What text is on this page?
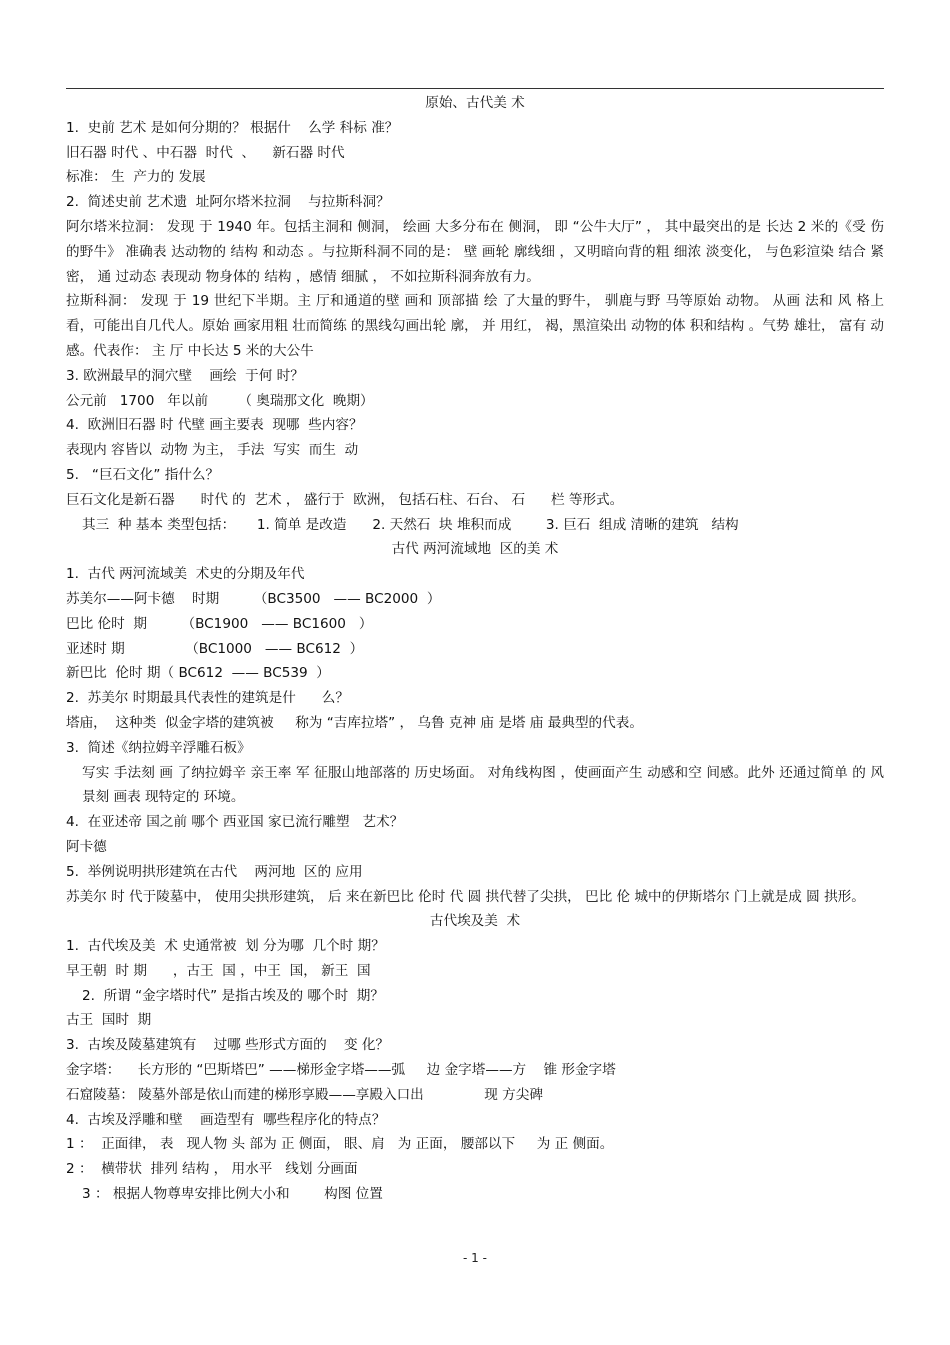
原始、古代美 术
1.  史前 艺术 是如何分期的？ 根据什    么学 科标 准？
旧石器 时代 、中石器  时代  、    新石器 时代
标准： 生  产力的 发展
2.  简述史前 艺术遗  址阿尔塔米拉洞    与拉斯科洞？
阿尔塔米拉洞： 发现 于 1940 年。包括主洞和 侧洞， 绘画 大多分布在 侧洞， 即 “公牛大厅” ， 其中最突出的是 长达 2 米的《受 伤的野牛》 准确表 达动物的 结构 和动态 。与拉斯科洞不同的是： 壁 画轮 廓线细 ，又明暗向背的粗 细浓 淡变化， 与色彩渲染 结合 紧密， 通 过动态 表现动 物身体的 结构 ，感情 细腻 ， 不如拉斯科洞奔放有力。
拉斯科洞： 发现 于 19 世纪下半期。主 厅和通道的壁 画和 顶部描 绘 了大量的野牛， 驯鹿与野 马等原始 动物。 从画 法和 风 格上看，可能出自几代人。原始 画家用粗 壮而简练 的黑线勾画出轮 廓， 并 用红， 褐，黑渲染出 动物的体 积和结构 。气势 雄壮， 富有 动感。代表作： 主 厅 中长达 5 米的大公牛
3. 欧洲最早的洞穴壁    画绘  于何 时？
公元前   1700   年以前       （ 奥瑞那文化  晚期）
4.  欧洲旧石器 时 代壁 画主要表  现哪  些内容？
表现内 容皆以  动物 为主， 手法  写实  而生  动
5.   “巨石文化” 指什么？
巨石文化是新石器      时代 的  艺术 ， 盛行于  欧洲， 包括石柱、石台、 石      栏 等形式。
其三  种 基本 类型包括：     1. 简单 是改造      2. 天然石  块 堆积而成        3. 巨石  组成 清晰的建筑   结构
古代 两河流域地  区的美 术
1.  古代 两河流域美  术史的分期及年代
苏美尔——阿卡德    时期        （BC3500   —— BC2000  ）
巴比 伦时  期        （BC1900   —— BC1600   ）
亚述时 期              （BC1000   —— BC612  ）
新巴比  伦时 期（ BC612  —— BC539  ）
2.  苏美尔 时期最具代表性的建筑是什      么？
塔庙，  这种类  似金字塔的建筑被     称为 “吉库拉塔” ， 乌鲁 克神 庙 是塔 庙 最典型的代表。
3.  简述《纳拉姆辛浮雕石板》
写实 手法刻 画 了纳拉姆辛 亲王率 军 征服山地部落的 历史场面。 对角线构图 ，使画面产生 动感和空 间感。此外 还通过简单 的 风景刻 画表 现特定的 环境。
4.  在亚述帝 国之前 哪个 西亚国 家已流行雕塑   艺术？
阿卡德
5.  举例说明拱形建筑在古代    两河地  区的 应用
苏美尔 时 代于陵墓中， 使用尖拱形建筑， 后 来在新巴比 伦时 代 圆 拱代替了尖拱， 巴比 伦 城中的伊斯塔尔 门上就是成 圆 拱形。
古代埃及美  术
1.  古代埃及美  术 史通常被  划 分为哪  几个时 期？
早王朝  时 期      ，古王  国 ，中王  国， 新王  国
2.  所谓 “金字塔时代” 是指古埃及的 哪个时  期？
古王  国时  期
3.  古埃及陵墓建筑有    过哪 些形式方面的    变 化？
金字塔：    长方形的 “巴斯塔巴” ——梯形金字塔——弧     边 金字塔——方    锥 形金字塔
石窟陵墓： 陵墓外部是依山而建的梯形享殿——享殿入口出              现 方尖碑
4.  古埃及浮雕和壁    画造型有  哪些程序化的特点？
1 ：  正面律， 表   现人物 头 部为 正 侧面， 眼、肩   为 正面， 腰部以下     为 正 侧面。
2 ：  横带状  排列 结构 ， 用水平   线划 分画面
3 ： 根据人物尊卑安排比例大小和        构图 位置
- 1 -
